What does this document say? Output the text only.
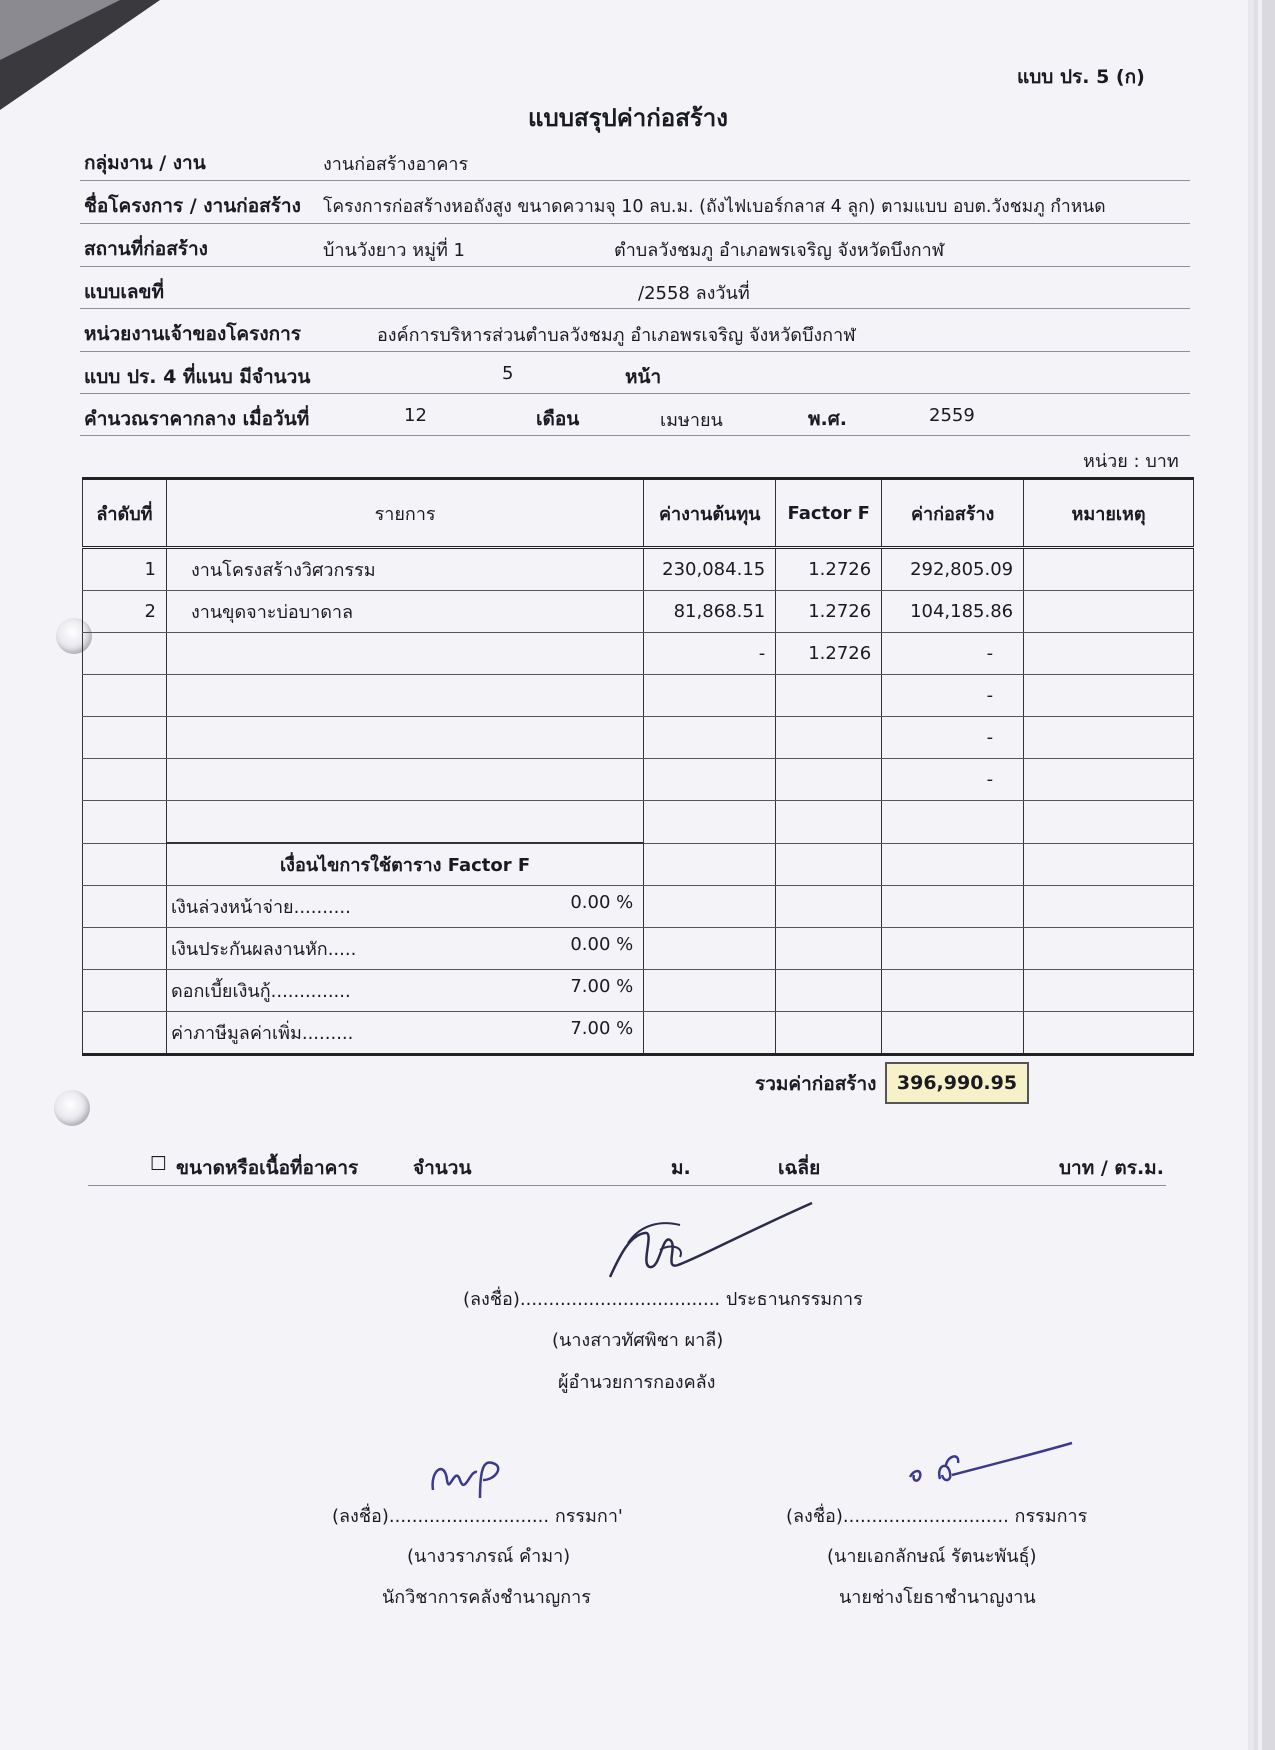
แบบ ปร. 5 (ก)
แบบสรุปค่าก่อสร้าง
กลุ่มงาน / งาน	งานก่อสร้างอาคาร
ชื่อโครงการ / งานก่อสร้าง โครงการก่อสร้างหอถังสูง ขนาดความจุ 10 ลบ.ม. (ถังไฟเบอร์กลาส 4 ลูก) ตามแบบ อบต.วังชมภู กำหนด
สถานที่ก่อสร้าง	บ้านวังยาว หมู่ที่ 1	ตำบลวังชมภู อำเภอพรเจริญ จังหวัดบึงกาฬ
แบบเลขที่	/2558 ลงวันที่
หน่วยงานเจ้าของโครงการ	องค์การบริหารส่วนตำบลวังชมภู อำเภอพรเจริญ จังหวัดบึงกาฬ
แบบ ปร. 4 ที่แนบ มีจำนวน	5	หน้า
คำนวณราคากลาง เมื่อวันที่	12	เดือน	เมษายน	พ.ศ.	2559
หน่วย : บาท
ลำดับที่	รายการ	ค่างานต้นทุน	Factor F	ค่าก่อสร้าง	หมายเหตุ
1	งานโครงสร้างวิศวกรรม	230,084.15	1.2726	292,805.09	
2	งานขุดจาะบ่อบาดาล	81,868.51	1.2726	104,185.86	
		-	1.2726	-	
				-	
				-	
				-	

	เงื่อนไขการใช้ตาราง Factor F				

	เงินล่วงหน้าจ่าย.......... 0.00 %				

	เงินประกันผลงานหัก..... 0.00 %				

	ดอกเบี้ยเงินกู้.............. 7.00 %				

	ค่าภาษีมูลค่าเพิ่ม......... 7.00 %				

รวมค่าก่อสร้าง	396,990.95
☐ ขนาดหรือเนื้อที่อาคาร	จำนวน	ม.	เฉลี่ย	บาท / ตร.ม.
(ลงชื่อ)................................... ประธานกรรมการ
(นางสาวทัศพิชา ผาลี)
ผู้อำนวยการกองคลัง
(ลงชื่อ)............................ กรรมกา'
(นางวราภรณ์ คำมา)
นักวิชาการคลังชำนาญการ
(ลงชื่อ)............................. กรรมการ
(นายเอกลักษณ์ รัตนะพันธุ์)
นายช่างโยธาชำนาญงาน
